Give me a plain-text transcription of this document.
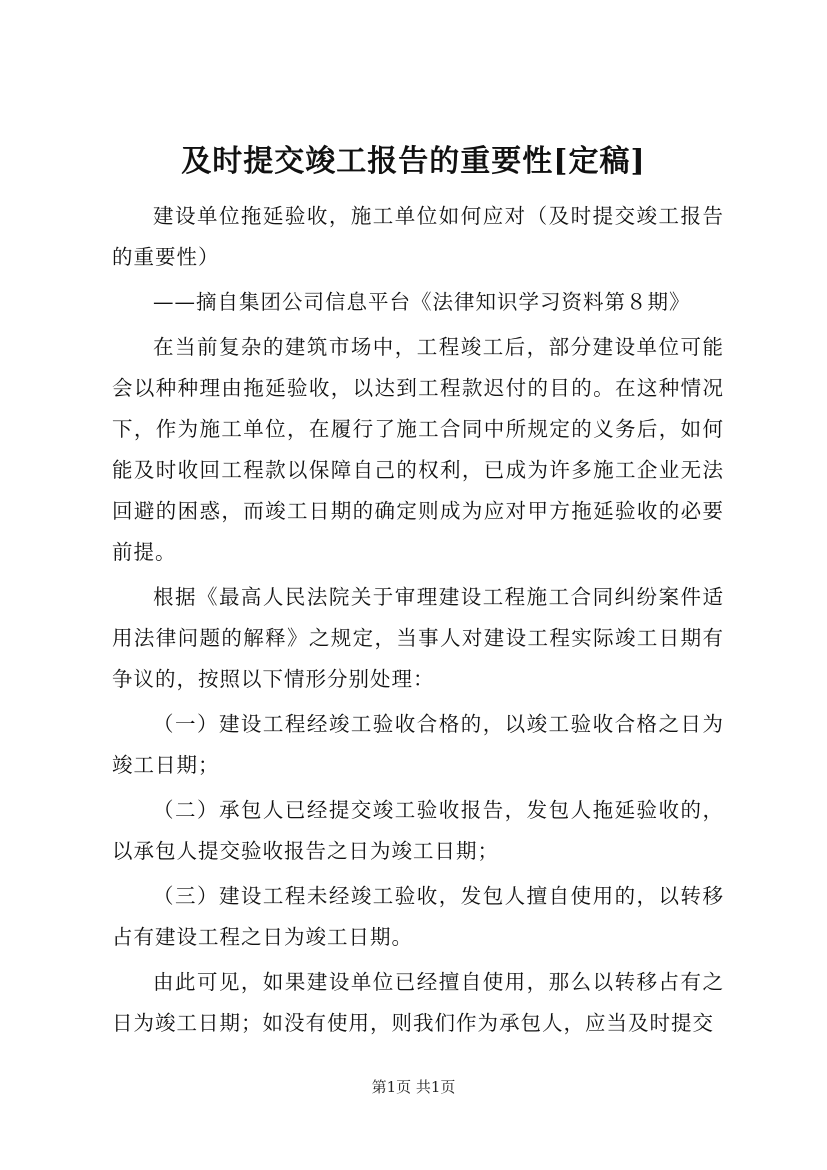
及时提交竣工报告的重要性[定稿]

建设单位拖延验收，施工单位如何应对（及时提交竣工报告的重要性）

——摘自集团公司信息平台《法律知识学习资料第８期》

在当前复杂的建筑市场中，工程竣工后，部分建设单位可能会以种种理由拖延验收，以达到工程款迟付的目的。在这种情况下，作为施工单位，在履行了施工合同中所规定的义务后，如何能及时收回工程款以保障自己的权利，已成为许多施工企业无法回避的困惑，而竣工日期的确定则成为应对甲方拖延验收的必要前提。

根据《最高人民法院关于审理建设工程施工合同纠纷案件适用法律问题的解释》之规定，当事人对建设工程实际竣工日期有争议的，按照以下情形分别处理：

（一）建设工程经竣工验收合格的，以竣工验收合格之日为竣工日期；

（二）承包人已经提交竣工验收报告，发包人拖延验收的，以承包人提交验收报告之日为竣工日期；

（三）建设工程未经竣工验收，发包人擅自使用的，以转移占有建设工程之日为竣工日期。

由此可见，如果建设单位已经擅自使用，那么以转移占有之日为竣工日期；如没有使用，则我们作为承包人，应当及时提交

第1页 共1页
